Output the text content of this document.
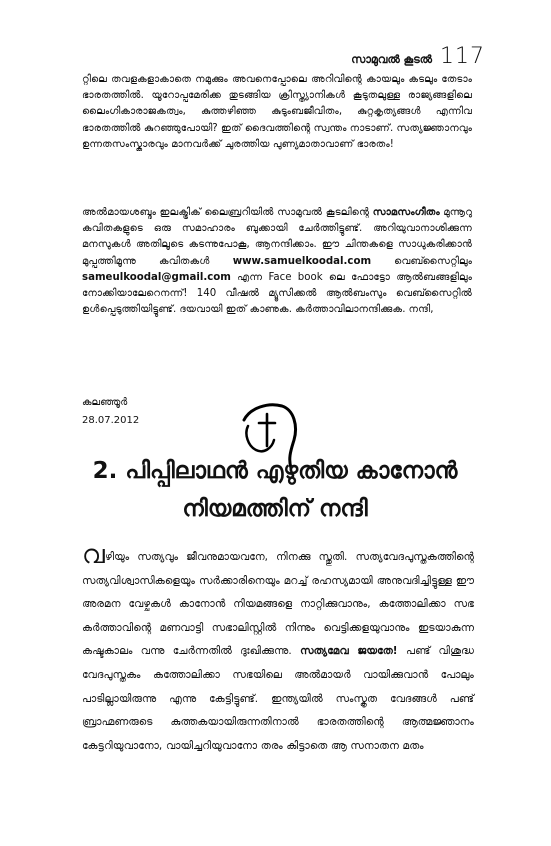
സാമുവൽ കൂടൽ 117

റ്റിലെ തവളകളാകാതെ നമുക്കും അവനെപ്പോലെ അറിവിന്റെ കായലും കടലും തേടാം ഭാരതത്തിൽ. യൂറോപ്പമേരിക്ക തുടങ്ങിയ ക്രിസ്ത്യാനികൾ കൂടുതലുള്ള രാജ്യങ്ങളിലെ ലൈംഗികാരാജകത്വം, കുത്തഴിഞ്ഞ കുടുംബജീവിതം, കുറ്റകൃത്യങ്ങൾ എന്നിവ ഭാരതത്തിൽ കുറഞ്ഞുപോയി? ഇത് ദൈവത്തിന്റെ സ്വന്തം നാടാണ്. സത്യജ്ഞാനവും ഉന്നതസംസ്കാരവും മാനവർക്ക് ചുരത്തിയ പുണ്യമാതാവാണ് ഭാരതം!

അൽമായശബ്ദം ഇലക്ട്രിക് ലൈബ്രറിയിൽ സാമുവൽ കൂടലിന്റെ സാമസംഗീതം മുന്നൂറു കവിതകളുടെ ഒരു സമാഹാരം ബുക്കായി ചേർത്തിട്ടുണ്ട്. അറിയുവാനാശിക്കുന്ന മനസുകൾ അതിലൂടെ കടന്നുപോകൂ, ആനന്ദിക്കാം. ഈ ചിന്തകളെ സാധുകരിക്കാൻ മുപ്പത്തിമൂന്നു കവിതകൾ www.samuelkoodal.com വെബ്സൈറ്റിലും sameulkoodal@gmail.com എന്ന Face book ലെ ഫോട്ടോ ആൽബങ്ങളിലും നോക്കിയാലേറെനന്ന്! 140 വീഷൽ മ്യൂസിക്കൽ ആൽബംസും വെബ്സൈറ്റിൽ ഉൾപ്പെടുത്തിയിട്ടുണ്ട്. ദയവായി ഇത് കാണുക. കർത്താവിലാനന്ദിക്കുക. നന്ദി,

കലഞ്ഞൂർ
28.07.2012
2. പിപ്പിലാഥൻ എഴുതിയ കാനോൻ
നിയമത്തിന് നന്ദി

വഴിയും സത്യവും ജീവനുമായവനേ, നിനക്കു സ്തുതി. സത്യവേദപുസ്തകത്തിന്റെ സത്യവിശ്വാസികളെയും സർക്കാരിനെയും മറച്ച് രഹസ്യമായി അനുവദിച്ചിട്ടുള്ള ഈ അരമന വേഴ്ചകൾ കാനോൻ നിയമങ്ങളെ നാറ്റിക്കുവാനും, കത്തോലിക്കാ സഭ കർത്താവിന്റെ മണവാട്ടി സഭാലിസ്റ്റിൽ നിന്നും വെട്ടിക്കളയുവാനും ഇടയാകുന്ന കഷ്ടകാലം വന്നു ചേർന്നതിൽ ദുഃഖിക്കുന്നു. സത്യമേവ ജയതേ! പണ്ട് വിശുദ്ധ വേദപുസ്തകം കത്തോലിക്കാ സഭയിലെ അൽമായർ വായിക്കുവാൻ പോലും പാടില്ലായിരുന്നു എന്നു കേട്ടിട്ടുണ്ട്. ഇന്ത്യയിൽ സംസ്കൃത വേദങ്ങൾ പണ്ട് ബ്രാഹ്മണരുടെ കുത്തകയായിരുന്നതിനാൽ ഭാരതത്തിന്റെ ആത്മജ്ഞാനം കേട്ടറിയുവാനോ, വായിച്ചറിയുവാനോ തരം കിട്ടാതെ ആ സനാതന മതം
